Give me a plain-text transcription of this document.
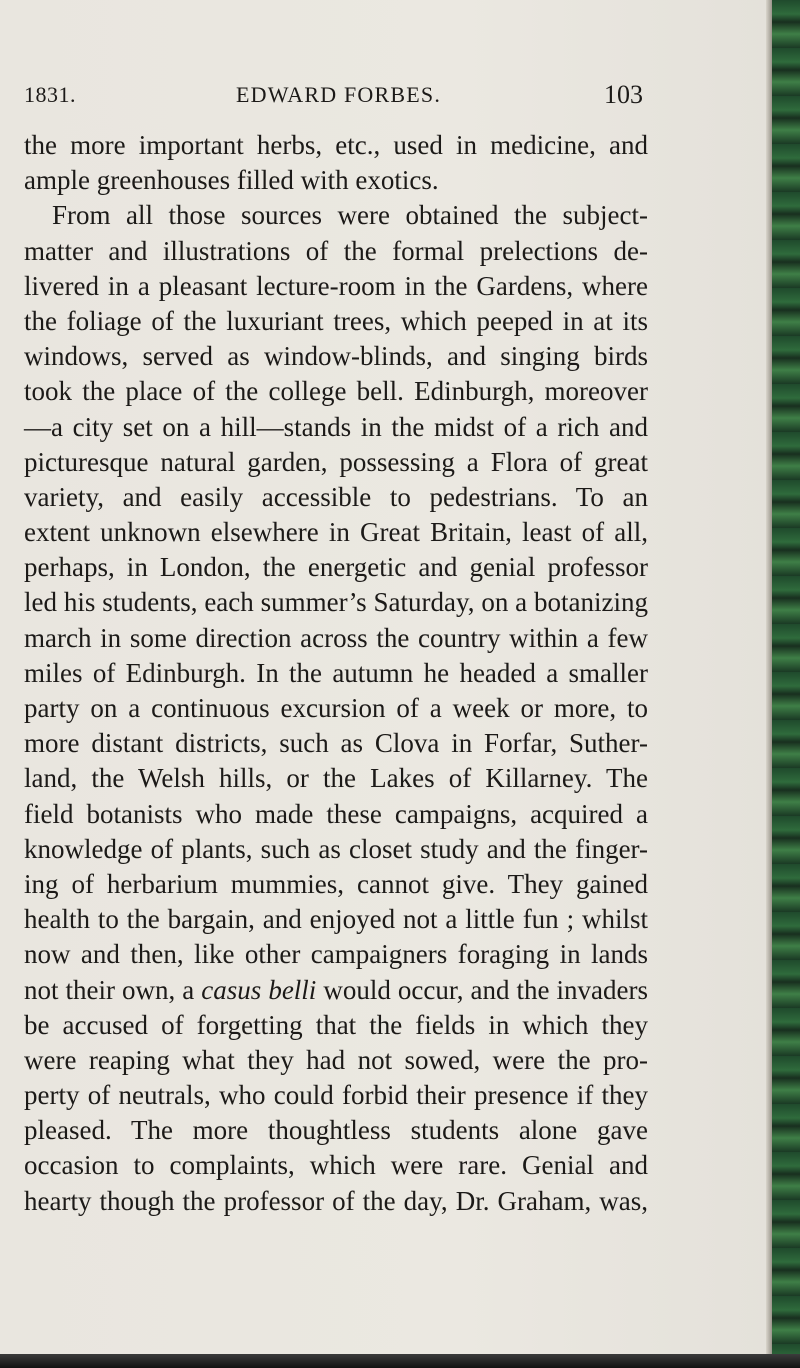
1831.	EDWARD FORBES.	103
the more important herbs, etc., used in medicine, and
ample greenhouses filled with exotics.
From all those sources were obtained the subject-
matter and illustrations of the formal prelections de-
livered in a pleasant lecture-room in the Gardens, where
the foliage of the luxuriant trees, which peeped in at its
windows, served as window-blinds, and singing birds
took the place of the college bell. Edinburgh, moreover
—a city set on a hill—stands in the midst of a rich and
picturesque natural garden, possessing a Flora of great
variety, and easily accessible to pedestrians. To an
extent unknown elsewhere in Great Britain, least of all,
perhaps, in London, the energetic and genial professor
led his students, each summer’s Saturday, on a botanizing
march in some direction across the country within a few
miles of Edinburgh. In the autumn he headed a smaller
party on a continuous excursion of a week or more, to
more distant districts, such as Clova in Forfar, Suther-
land, the Welsh hills, or the Lakes of Killarney. The
field botanists who made these campaigns, acquired a
knowledge of plants, such as closet study and the finger-
ing of herbarium mummies, cannot give. They gained
health to the bargain, and enjoyed not a little fun ; whilst
now and then, like other campaigners foraging in lands
not their own, a casus belli would occur, and the invaders
be accused of forgetting that the fields in which they
were reaping what they had not sowed, were the pro-
perty of neutrals, who could forbid their presence if they
pleased. The more thoughtless students alone gave
occasion to complaints, which were rare. Genial and
hearty though the professor of the day, Dr. Graham, was,
